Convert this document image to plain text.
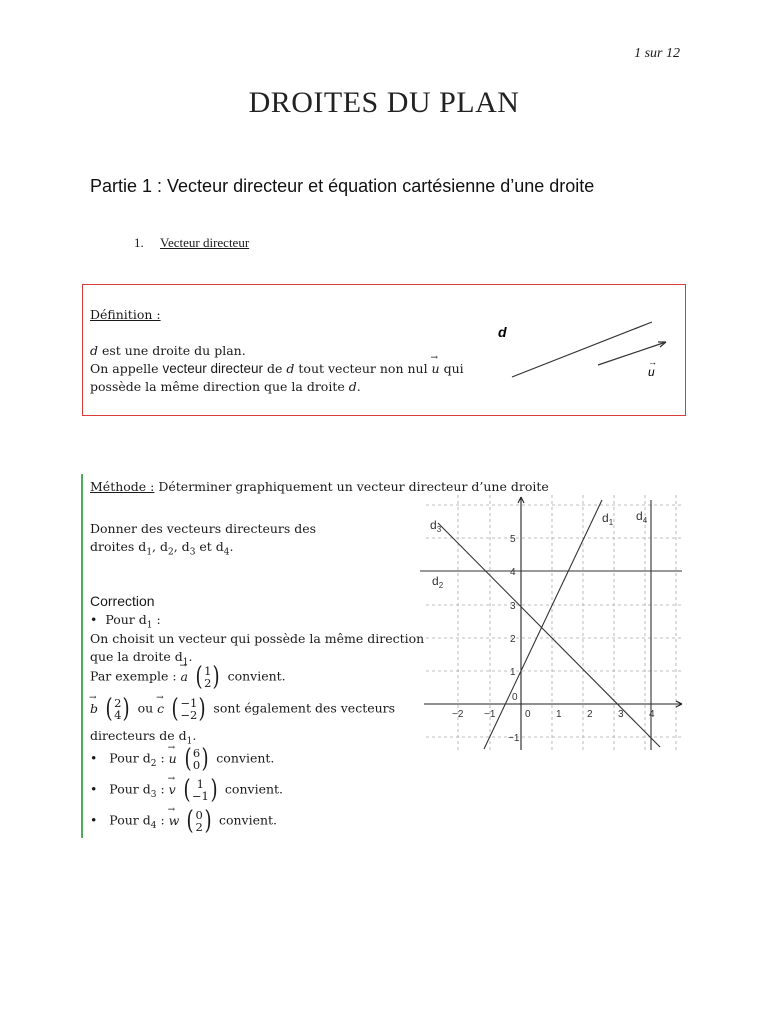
1 sur 12
DROITES DU PLAN
Partie 1 : Vecteur directeur et équation cartésienne d’une droite
1. Vecteur directeur
Définition :
d est une droite du plan.
On appelle vecteur directeur de d tout vecteur non nul → u qui
possède la même direction que la droite d.
d
u
→
Méthode : Déterminer graphiquement un vecteur directeur d’une droite
Donner des vecteurs directeurs des
droites $d_1$, $d_2$, $d_3$ et $d_4$.
Correction
•  Pour $d_1$ :
On choisit un vecteur qui possède la même direction
que la droite $d_1$.
Par exemple : → a ( 1
2 ) convient.
→ b ( 2
4 ) ou → c ( −1
−2 ) sont également des vecteurs
directeurs de $d_1$.
•   Pour $d_2$ : → u ( 6
0 ) convient.
•   Pour $d_3$ : → v ( 1
−1 ) convient.
•   Pour $d_4$ : → w ( 0
2 ) convient.
−2 −1	0	1	2	3	4
5
4
3
2
1
−1
0
$d_1$ $d_4$
$d_3$
$d_2$
